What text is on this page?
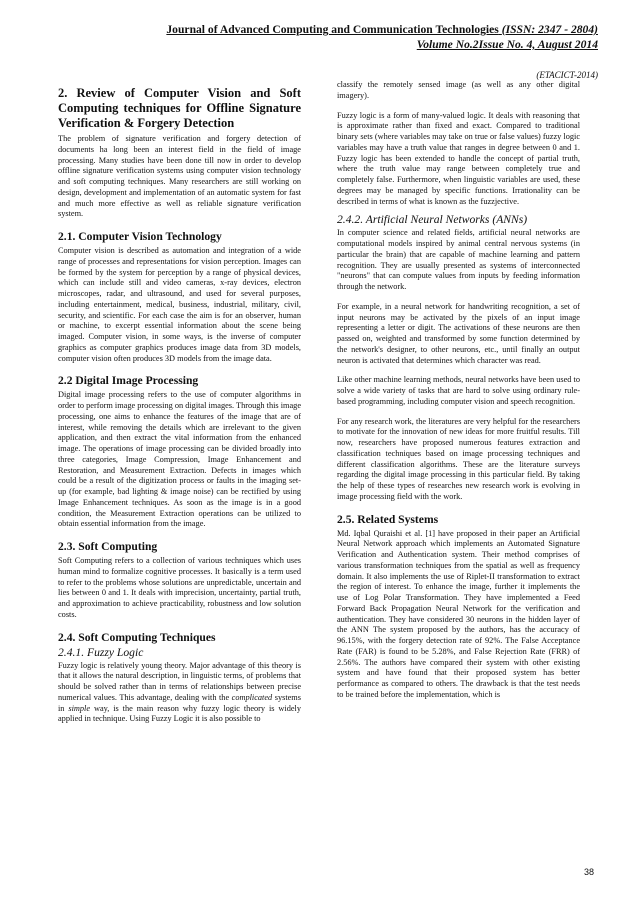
Journal of Advanced Computing and Communication Technologies (ISSN: 2347 - 2804)
Volume No.2Issue No. 4, August 2014
(ETACICT-2014)
2. Review of Computer Vision and Soft Computing techniques for Offline Signature Verification & Forgery Detection

The problem of signature verification and forgery detection of documents ha long been an interest field in the field of image processing. Many studies have been done till now in order to develop offline signature verification systems using computer vision technology and soft computing techniques. Many researchers are still working on design, development and implementation of an automatic system for fast and much more effective as well as reliable signature verification system.

2.1. Computer Vision Technology

Computer vision is described as automation and integration of a wide range of processes and representations for vision perception. Images can be formed by the system for perception by a range of physical devices, which can include still and video cameras, x-ray devices, electron microscopes, radar, and ultrasound, and used for several purposes, including entertainment, medical, business, industrial, military, civil, security, and scientific. For each case the aim is for an observer, human or machine, to excerpt essential information about the scene being imaged. Computer vision, in some ways, is the inverse of computer graphics as computer graphics produces image data from 3D models, computer vision often produces 3D models from the image data.

2.2 Digital Image Processing

Digital image processing refers to the use of computer algorithms in order to perform image processing on digital images. Through this image processing, one aims to enhance the features of the image that are of interest, while removing the details which are irrelevant to the given application, and then extract the vital information from the enhanced image. The operations of image processing can be divided broadly into three categories, Image Compression, Image Enhancement and Restoration, and Measurement Extraction. Defects in images which could be a result of the digitization process or faults in the imaging set-up (for example, bad lighting & image noise) can be rectified by using Image Enhancement techniques. As soon as the image is in a good condition, the Measurement Extraction operations can be utilized to obtain essential information from the image.

2.3. Soft Computing

Soft Computing refers to a collection of various techniques which uses human mind to formalize cognitive processes. It basically is a term used to refer to the problems whose solutions are unpredictable, uncertain and lies between 0 and 1. It deals with imprecision, uncertainty, partial truth, and approximation to achieve practicability, robustness and low solution costs.

2.4. Soft Computing Techniques
2.4.1. Fuzzy Logic

Fuzzy logic is relatively young theory. Major advantage of this theory is that it allows the natural description, in linguistic terms, of problems that should be solved rather than in terms of relationships between precise numerical values. This advantage, dealing with the complicated systems in simple way, is the main reason why fuzzy logic theory is widely applied in technique. Using Fuzzy Logic it is also possible to

classify the remotely sensed image (as well as any other digital imagery).

Fuzzy logic is a form of many-valued logic. It deals with reasoning that is approximate rather than fixed and exact. Compared to traditional binary sets (where variables may take on true or false values) fuzzy logic variables may have a truth value that ranges in degree between 0 and 1. Fuzzy logic has been extended to handle the concept of partial truth, where the truth value may range between completely true and completely false. Furthermore, when linguistic variables are used, these degrees may be managed by specific functions. Irrationality can be described in terms of what is known as the fuzzjective.

2.4.2. Artificial Neural Networks (ANNs)

In computer science and related fields, artificial neural networks are computational models inspired by animal central nervous systems (in particular the brain) that are capable of machine learning and pattern recognition. They are usually presented as systems of interconnected "neurons" that can compute values from inputs by feeding information through the network.

For example, in a neural network for handwriting recognition, a set of input neurons may be activated by the pixels of an input image representing a letter or digit. The activations of these neurons are then passed on, weighted and transformed by some function determined by the network's designer, to other neurons, etc., until finally an output neuron is activated that determines which character was read.

Like other machine learning methods, neural networks have been used to solve a wide variety of tasks that are hard to solve using ordinary rule-based programming, including computer vision and speech recognition.

For any research work, the literatures are very helpful for the researchers to motivate for the innovation of new ideas for more fruitful results. Till now, researchers have proposed numerous features extraction and classification techniques based on image processing techniques and different classification algorithms. These are the literature surveys regarding the digital image processing in this particular field. By taking the help of these types of researches new research work is evolving in image processing field with the work.

2.5. Related Systems

Md. Iqbal Quraishi et al. [1] have proposed in their paper an Artificial Neural Network approach which implements an Automated Signature Verification and Authentication system. Their method comprises of various transformation techniques from the spatial as well as frequency domain. It also implements the use of Riplet-II transformation to extract the region of interest. To enhance the image, further it implements the use of Log Polar Transformation. They have implemented a Feed Forward Back Propagation Neural Network for the verification and authentication. They have considered 30 neurons in the hidden layer of the ANN The system proposed by the authors, has the accuracy of 96.15%, with the forgery detection rate of 92%. The False Acceptance Rate (FAR) is found to be 5.28%, and False Rejection Rate (FRR) of 2.56%. The authors have compared their system with other existing system and have found that their proposed system has better performance as compared to others. The drawback is that the test needs to be trained before the implementation, which is

38
